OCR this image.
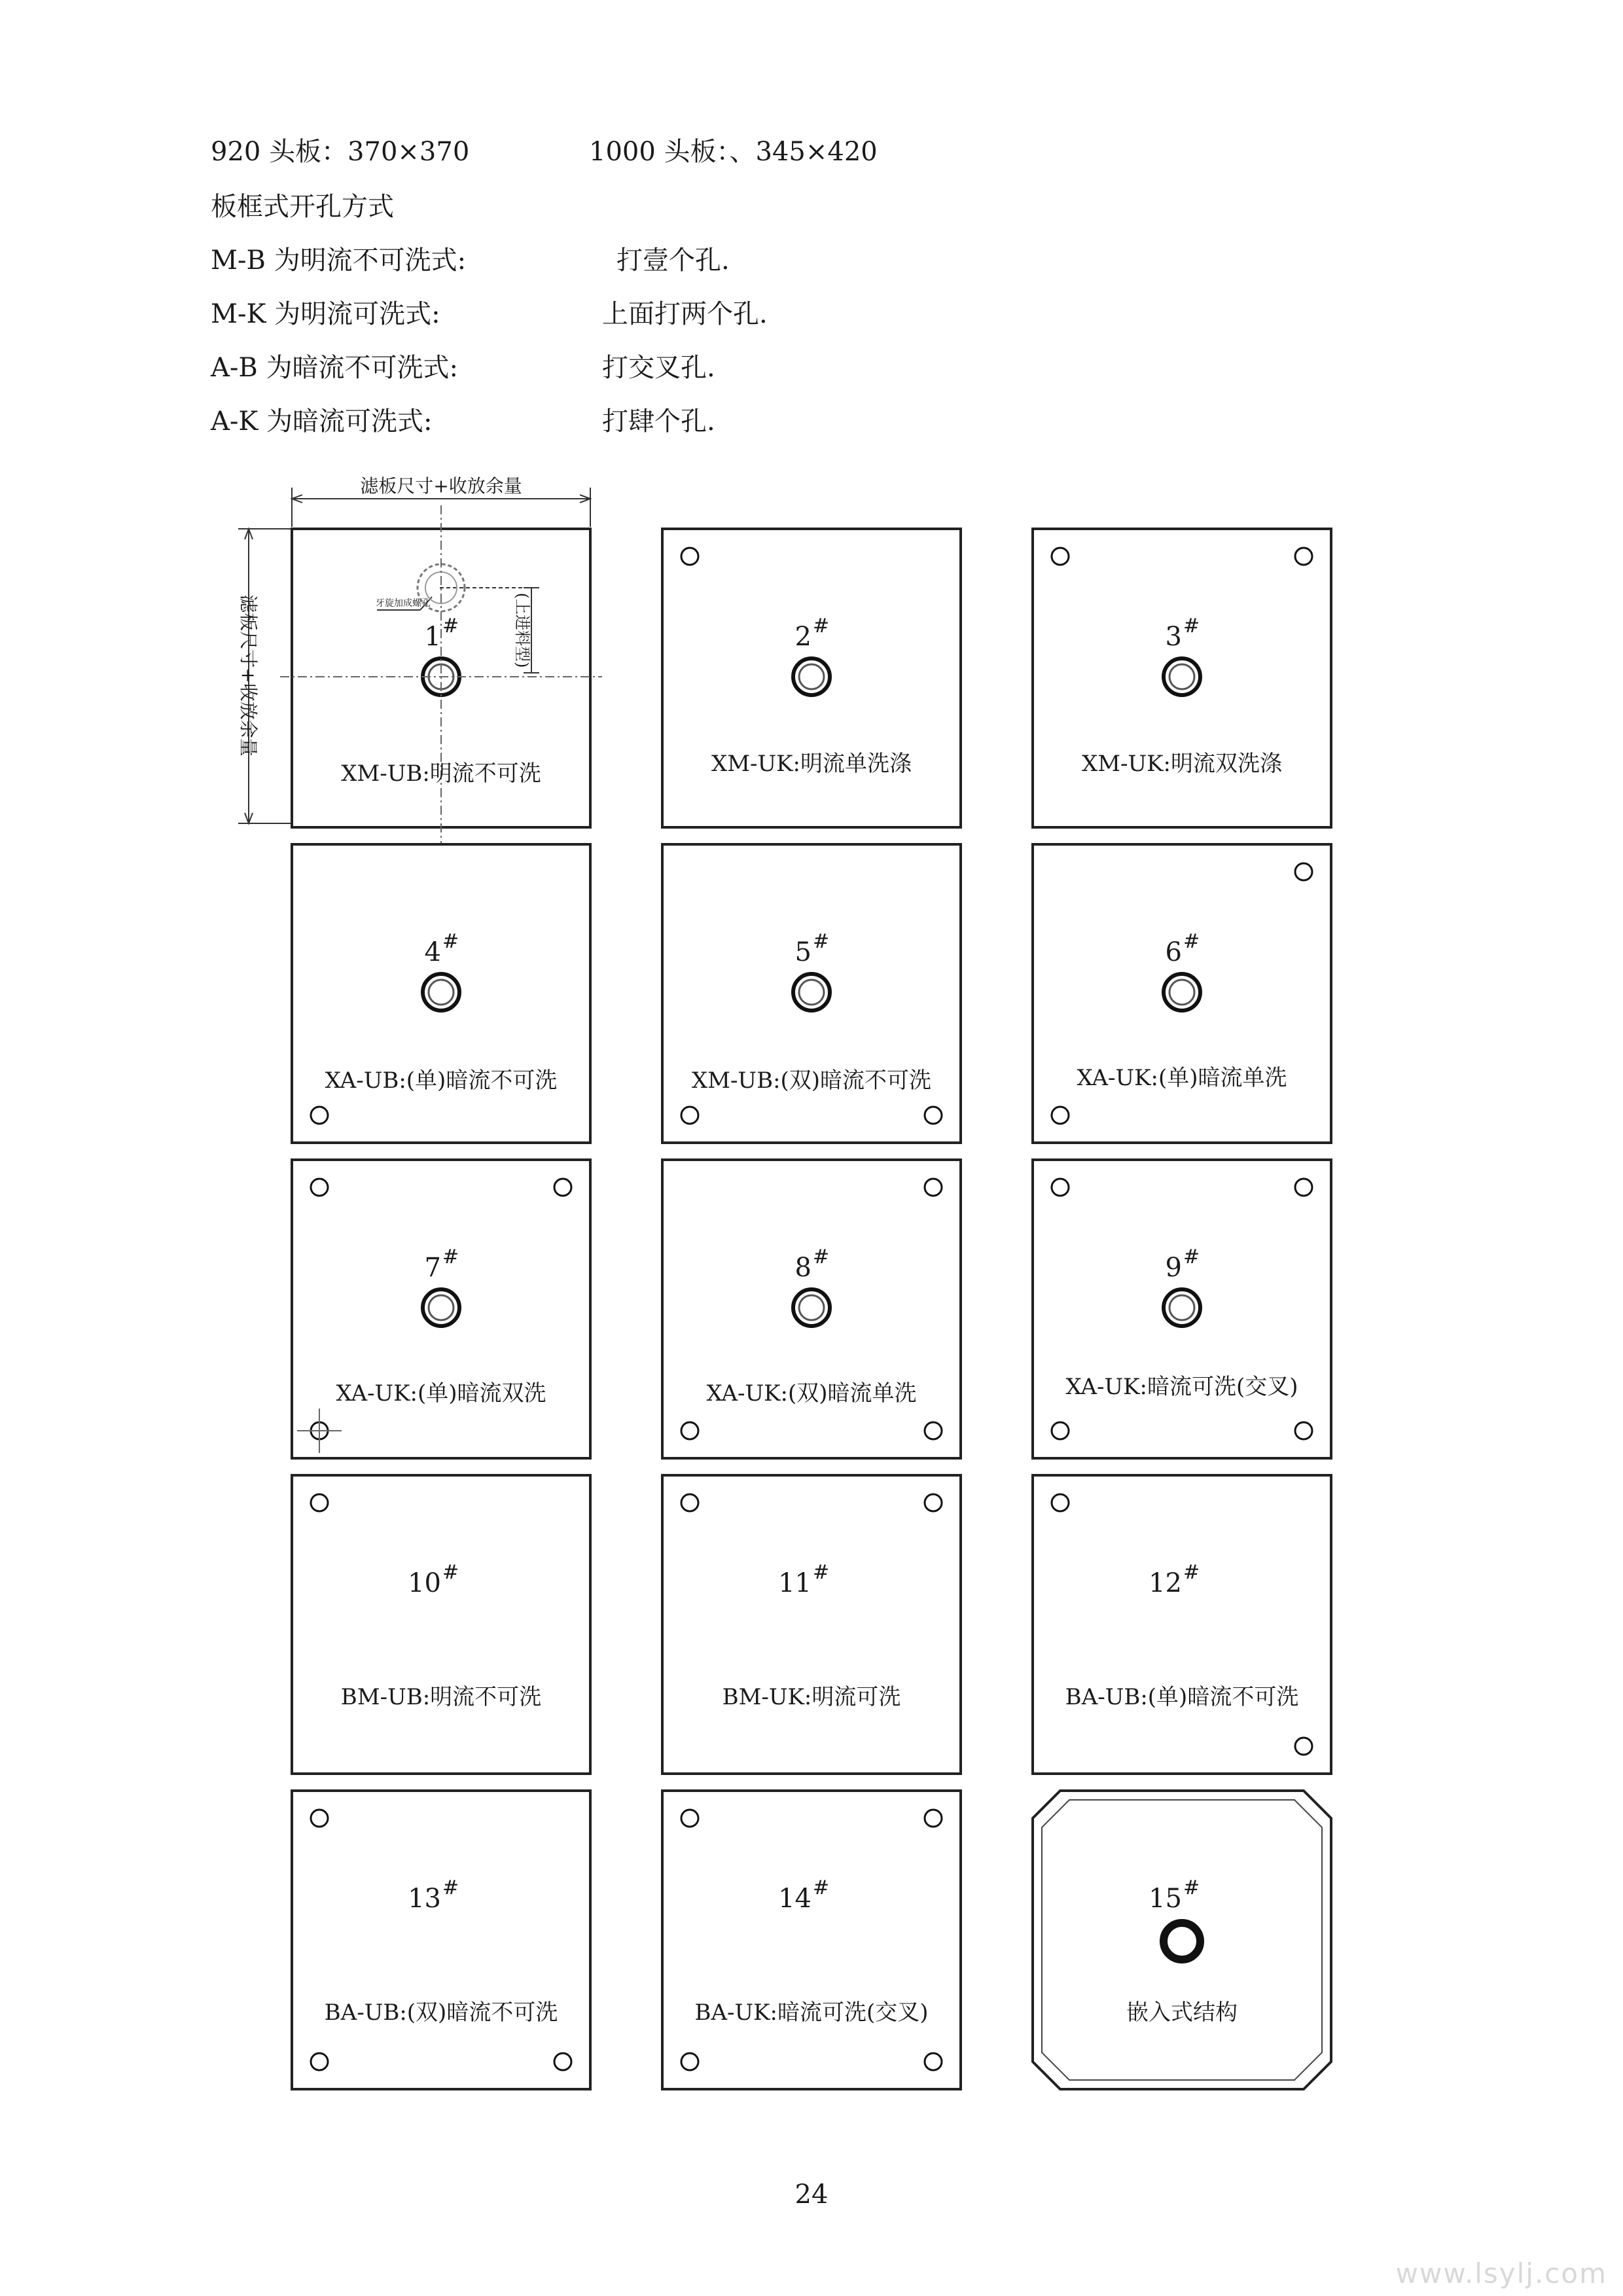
920 头板：370×370	1000 头板：、345×420
板框式开孔方式
M-B 为明流不可洗式:	打壹个孔.
M-K 为明流可洗式:	上面打两个孔.
A-B 为暗流不可洗式:	打交叉孔.
A-K 为暗流可洗式:	打肆个孔.
滤板尺寸+收放余量
滤板尺寸+收放余量	(上进料型)
牙旋加成螺孔
1 #
XM-UB:明流不可洗
2 #
XM-UK:明流单洗涤
3 #
XM-UK:明流双洗涤
4 #
XA-UB:(单)暗流不可洗
5 #
XM-UB:(双)暗流不可洗
6 #
XA-UK:(单)暗流单洗
7 #
XA-UK:(单)暗流双洗
8 #
XA-UK:(双)暗流单洗
9 #
XA-UK:暗流可洗(交叉)
10 #
BM-UB:明流不可洗
11 #
BM-UK:明流可洗
12 #
BA-UB:(单)暗流不可洗
13 #
BA-UB:(双)暗流不可洗
14 #
BA-UK:暗流可洗(交叉)
15 #
嵌入式结构
24
www.lsylj.com
